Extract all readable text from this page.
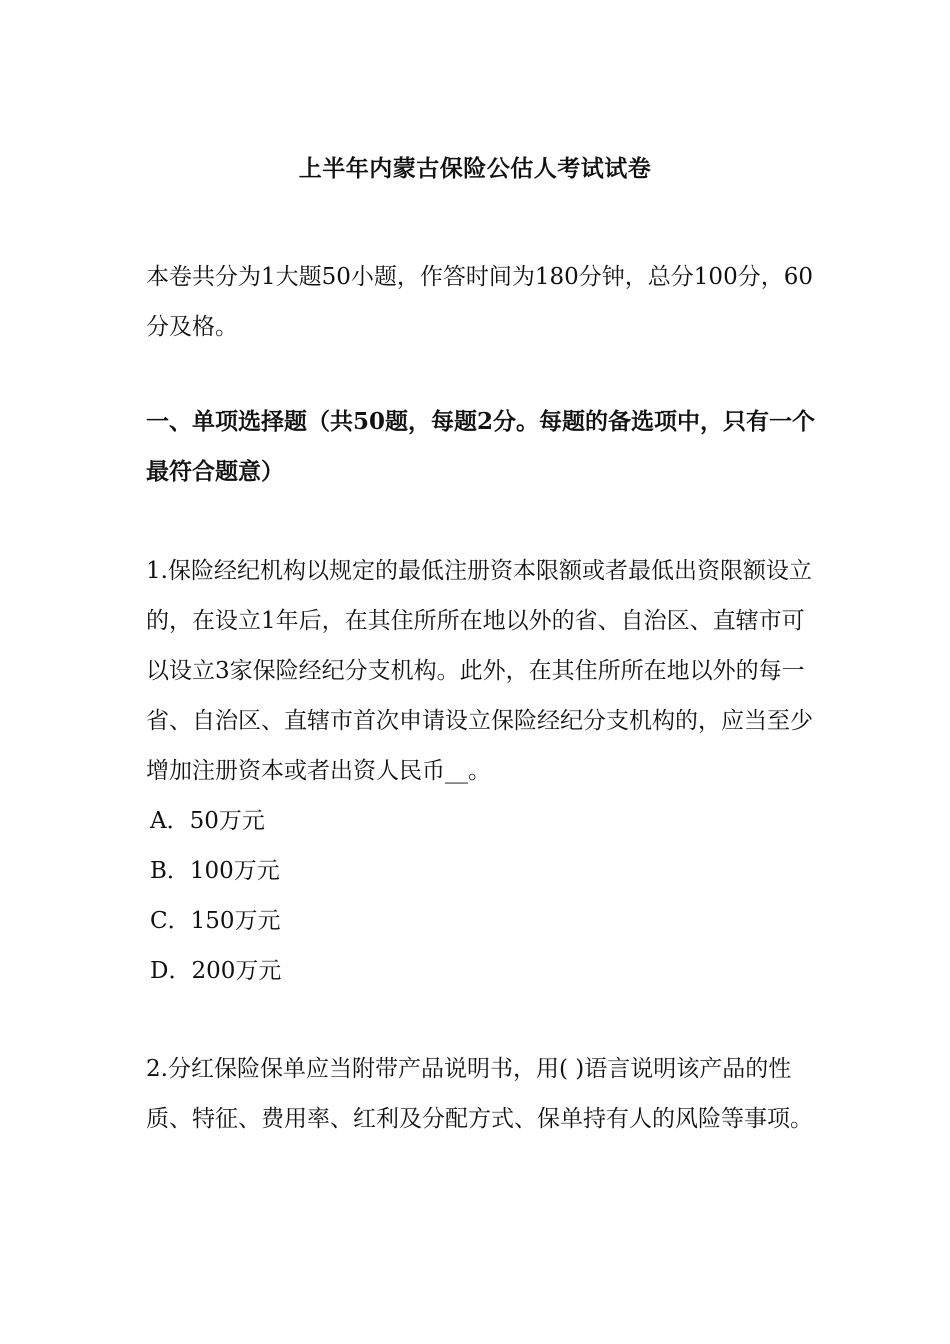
上半年内蒙古保险公估人考试试卷

本卷共分为1大题50小题，作答时间为180分钟，总分100分，60分及格。

一、单项选择题（共50题，每题2分。每题的备选项中，只有一个最符合题意）

1.保险经纪机构以规定的最低注册资本限额或者最低出资限额设立的，在设立1年后，在其住所所在地以外的省、自治区、直辖市可以设立3家保险经纪分支机构。此外，在其住所所在地以外的每一省、自治区、直辖市首次申请设立保险经纪分支机构的，应当至少增加注册资本或者出资人民币__。

A．50万元
B．100万元
C．150万元
D．200万元

2.分红保险保单应当附带产品说明书，用( )语言说明该产品的性质、特征、费用率、红利及分配方式、保单持有人的风险等事项。
